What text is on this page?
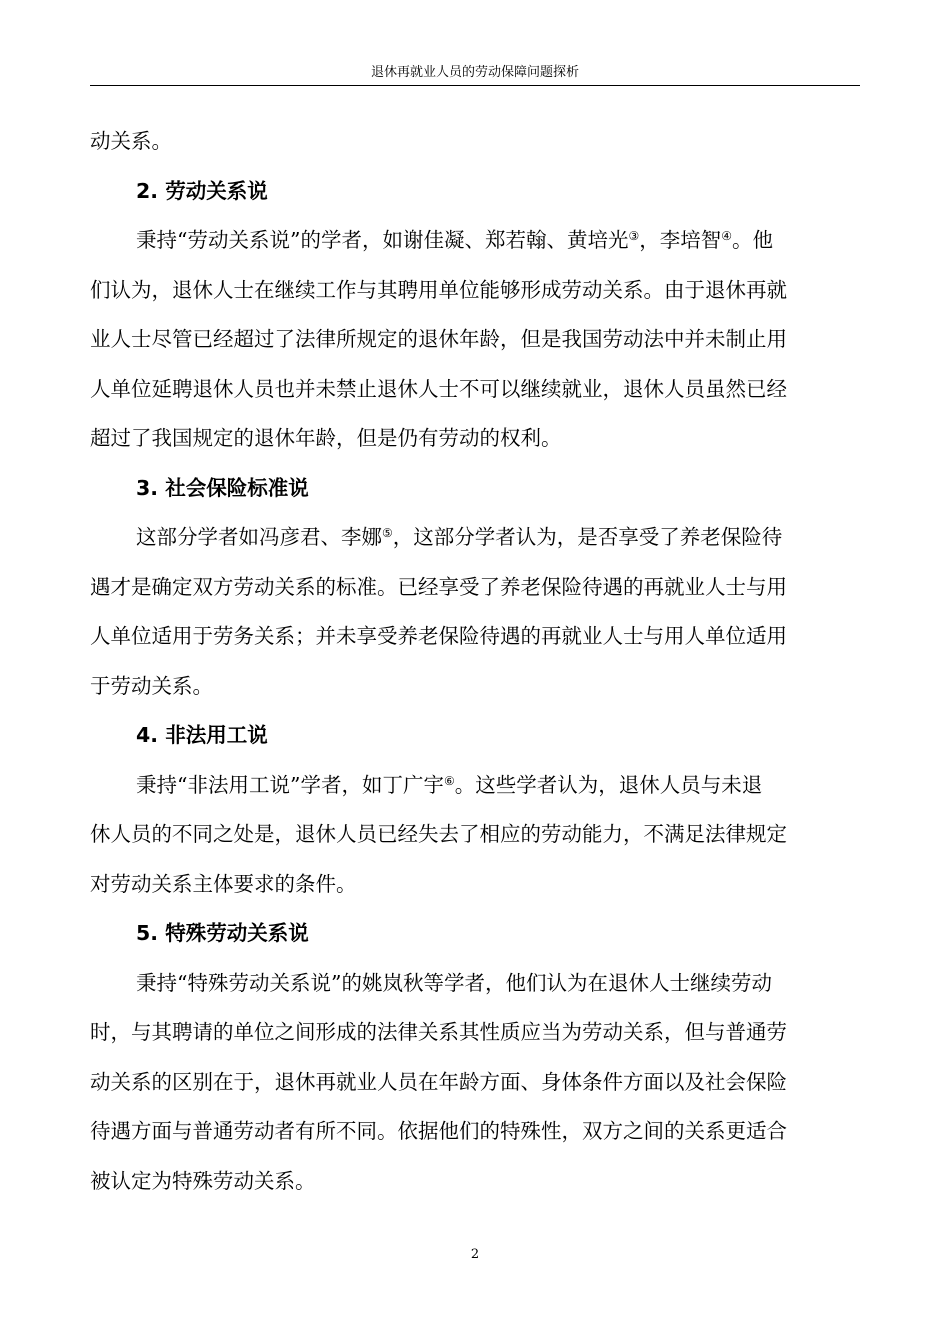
退休再就业人员的劳动保障问题探析
动关系。
2. 劳动关系说
秉持“劳动关系说”的学者，如谢佳凝、郑若翰、黄培光③，李培智④。他
们认为，退休人士在继续工作与其聘用单位能够形成劳动关系。由于退休再就
业人士尽管已经超过了法律所规定的退休年龄，但是我国劳动法中并未制止用
人单位延聘退休人员也并未禁止退休人士不可以继续就业，退休人员虽然已经
超过了我国规定的退休年龄，但是仍有劳动的权利。
3. 社会保险标准说
这部分学者如冯彦君、李娜⑤，这部分学者认为，是否享受了养老保险待
遇才是确定双方劳动关系的标准。已经享受了养老保险待遇的再就业人士与用
人单位适用于劳务关系；并未享受养老保险待遇的再就业人士与用人单位适用
于劳动关系。
4. 非法用工说
秉持“非法用工说”学者，如丁广宇⑥。这些学者认为，退休人员与未退
休人员的不同之处是，退休人员已经失去了相应的劳动能力，不满足法律规定
对劳动关系主体要求的条件。
5. 特殊劳动关系说
秉持“特殊劳动关系说”的姚岚秋等学者，他们认为在退休人士继续劳动
时，与其聘请的单位之间形成的法律关系其性质应当为劳动关系，但与普通劳
动关系的区别在于，退休再就业人员在年龄方面、身体条件方面以及社会保险
待遇方面与普通劳动者有所不同。依据他们的特殊性，双方之间的关系更适合
被认定为特殊劳动关系。
2
